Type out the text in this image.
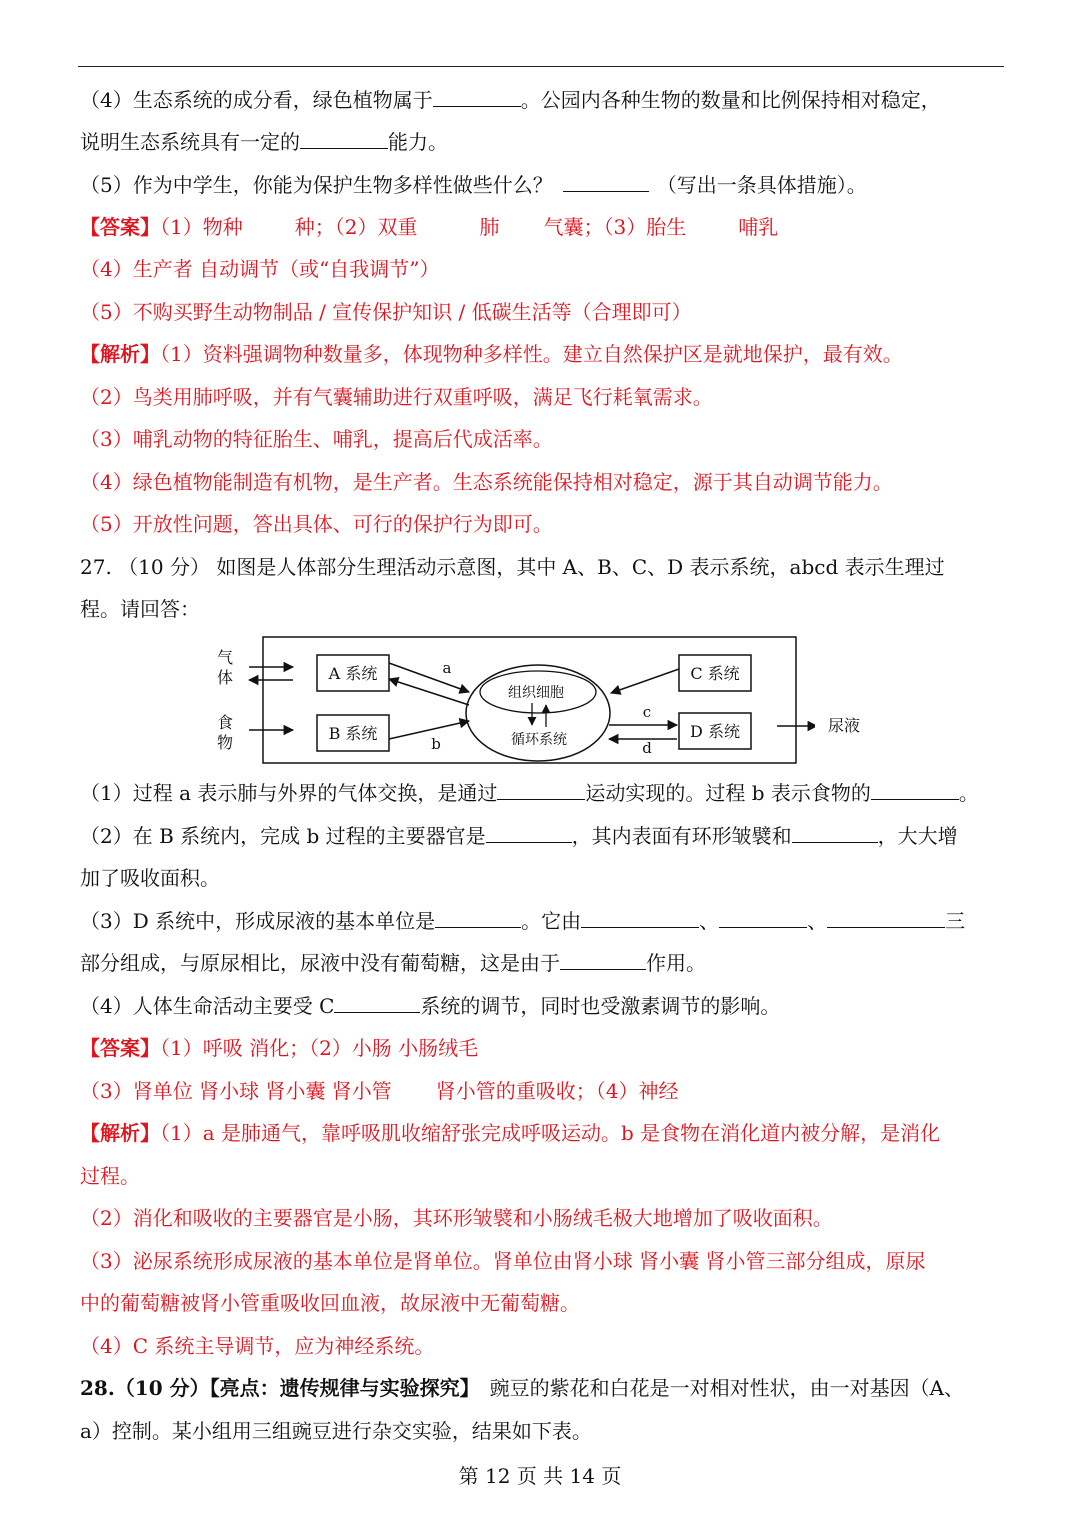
（4）生态系统的成分看，绿色植物属于	。公园内各种生物的数量和比例保持相对稳定，
说明生态系统具有一定的	能力。
（5）作为中学生，你能为保护生物多样性做些什么？	（写出一条具体措施）。
【答案】（1）物种	种；（2）双重	肺 气囊；（3）胎生	哺乳
（4）生产者 自动调节（或“自我调节”）
（5）不购买野生动物制品 / 宣传保护知识 / 低碳生活等（合理即可）
【解析】（1）资料强调物种数量多，体现物种多样性。建立自然保护区是就地保护，最有效。
（2）鸟类用肺呼吸，并有气囊辅助进行双重呼吸，满足飞行耗氧需求。
（3）哺乳动物的特征胎生、哺乳，提高后代成活率。
（4）绿色植物能制造有机物，是生产者。生态系统能保持相对稳定，源于其自动调节能力。
（5）开放性问题，答出具体、可行的保护行为即可。
27. （10 分） 如图是人体部分生理活动示意图，其中 A、B、C、D 表示系统，abcd 表示生理过
程。请回答：
气
体
食
物
A 系统
B 系统
组织细胞
循环系统
a
b
C 系统
D 系统
c
d
尿液
（1）过程 a 表示肺与外界的气体交换，是通过	运动实现的。过程 b 表示食物的	。
（2）在 B 系统内，完成 b 过程的主要器官是	，其内表面有环形皱襞和	，大大增
加了吸收面积。
（3）D 系统中，形成尿液的基本单位是	。它由	、	、	三
部分组成，与原尿相比，尿液中没有葡萄糖，这是由于	作用。
（4）人体生命活动主要受 C	系统的调节，同时也受激素调节的影响。
【答案】（1）呼吸 消化；（2）小肠 小肠绒毛
（3）肾单位 肾小球 肾小囊 肾小管 肾小管的重吸收；（4）神经
【解析】（1）a 是肺通气，靠呼吸肌收缩舒张完成呼吸运动。b 是食物在消化道内被分解，是消化
过程。
（2）消化和吸收的主要器官是小肠，其环形皱襞和小肠绒毛极大地增加了吸收面积。
（3）泌尿系统形成尿液的基本单位是肾单位。肾单位由肾小球 肾小囊 肾小管三部分组成，原尿
中的葡萄糖被肾小管重吸收回血液，故尿液中无葡萄糖。
（4）C 系统主导调节，应为神经系统。
28.（10 分）【亮点：遗传规律与实验探究】 豌豆的紫花和白花是一对相对性状，由一对基因（A、
a）控制。某小组用三组豌豆进行杂交实验，结果如下表。
第 12 页 共 14 页
